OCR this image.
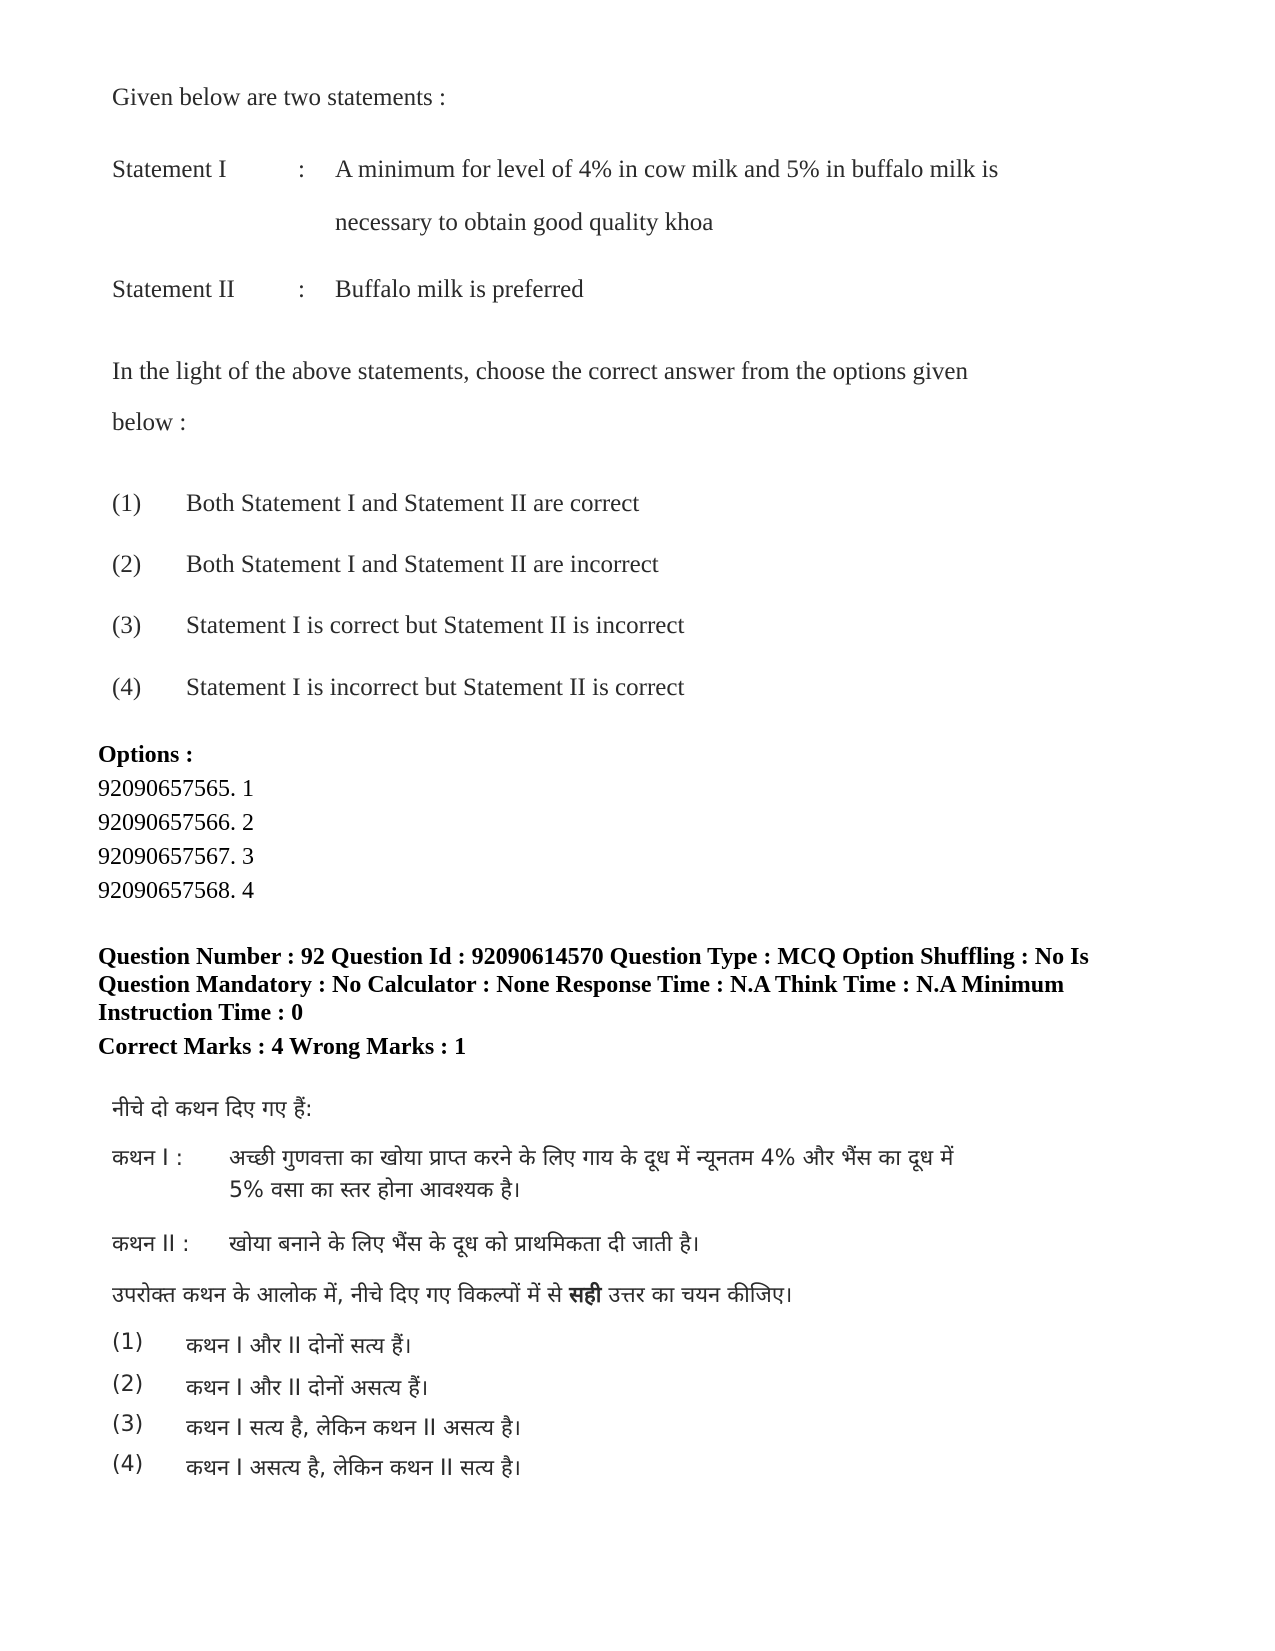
Given below are two statements :
Statement I	: A minimum for level of 4% in cow milk and 5% in buffalo milk is
necessary to obtain good quality khoa
Statement II	: Buffalo milk is preferred
In the light of the above statements, choose the correct answer from the options given
below :
(1) Both Statement I and Statement II are correct
(2) Both Statement I and Statement II are incorrect
(3) Statement I is correct but Statement II is incorrect
(4) Statement I is incorrect but Statement II is correct
Options :
92090657565. 1
92090657566. 2
92090657567. 3
92090657568. 4
Question Number : 92 Question Id : 92090614570 Question Type : MCQ Option Shuffling : No Is
Question Mandatory : No Calculator : None Response Time : N.A Think Time : N.A Minimum
Instruction Time : 0
Correct Marks : 4 Wrong Marks : 1
नीचे दो कथन दिए गए हैं:
कथन I : अच्छी गुणवत्ता का खोया प्राप्त करने के लिए गाय के दूध में न्यूनतम 4% और भैंस का दूध में
5% वसा का स्तर होना आवश्यक है।
कथन II : खोया बनाने के लिए भैंस के दूध को प्राथमिकता दी जाती है।
उपरोक्त कथन के आलोक में, नीचे दिए गए विकल्पों में से सही उत्तर का चयन कीजिए।
(1) कथन I और II दोनों सत्य हैं।
(2) कथन I और II दोनों असत्य हैं।
(3) कथन I सत्य है, लेकिन कथन II असत्य है।
(4) कथन I असत्य है, लेकिन कथन II सत्य है।
